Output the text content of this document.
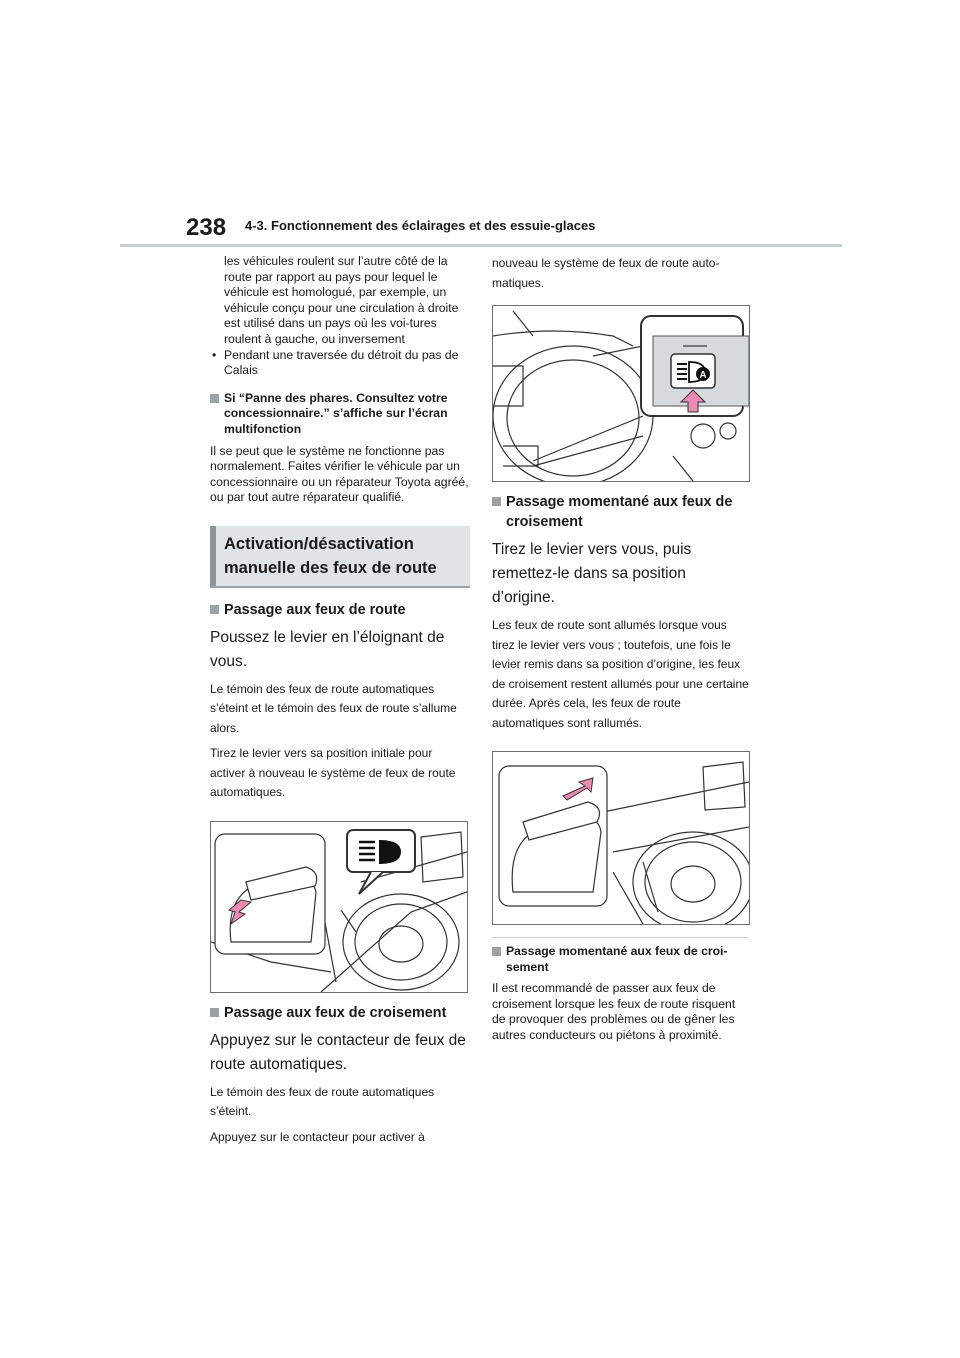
238 4-3. Fonctionnement des éclairages et des essuie-glaces
les véhicules roulent sur l’autre côté de la route par rapport au pays pour lequel le véhicule est homologué, par exemple, un véhicule conçu pour une circulation à droite est utilisé dans un pays où les voi-tures roulent à gauche, ou inversement
• Pendant une traversée du détroit du pas de Calais
Si “Panne des phares. Consultez votre concessionnaire.” s’affiche sur l’écran multifonction
Il se peut que le système ne fonctionne pas normalement. Faites vérifier le véhicule par un concessionnaire ou un réparateur Toyota agréé, ou par tout autre réparateur qualifié.
Activation/désactivation manuelle des feux de route
Passage aux feux de route
Poussez le levier en l’éloignant de vous.
Le témoin des feux de route automatiques s’éteint et le témoin des feux de route s’allume alors.
Tirez le levier vers sa position initiale pour activer à nouveau le système de feux de route automatiques.
Passage aux feux de croisement
Appuyez sur le contacteur de feux de route automatiques.
Le témoin des feux de route automatiques s’éteint.
Appuyez sur le contacteur pour activer à
nouveau le système de feux de route auto-matiques.
A
Passage momentané aux feux de croisement
Tirez le levier vers vous, puis remettez-le dans sa position d’origine.
Les feux de route sont allumés lorsque vous tirez le levier vers vous ; toutefois, une fois le levier remis dans sa position d’origine, les feux de croisement restent allumés pour une certaine durée. Après cela, les feux de route automatiques sont rallumés.
Passage momentané aux feux de croi-sement
Il est recommandé de passer aux feux de croisement lorsque les feux de route risquent de provoquer des problèmes ou de gêner les autres conducteurs ou piétons à proximité.
